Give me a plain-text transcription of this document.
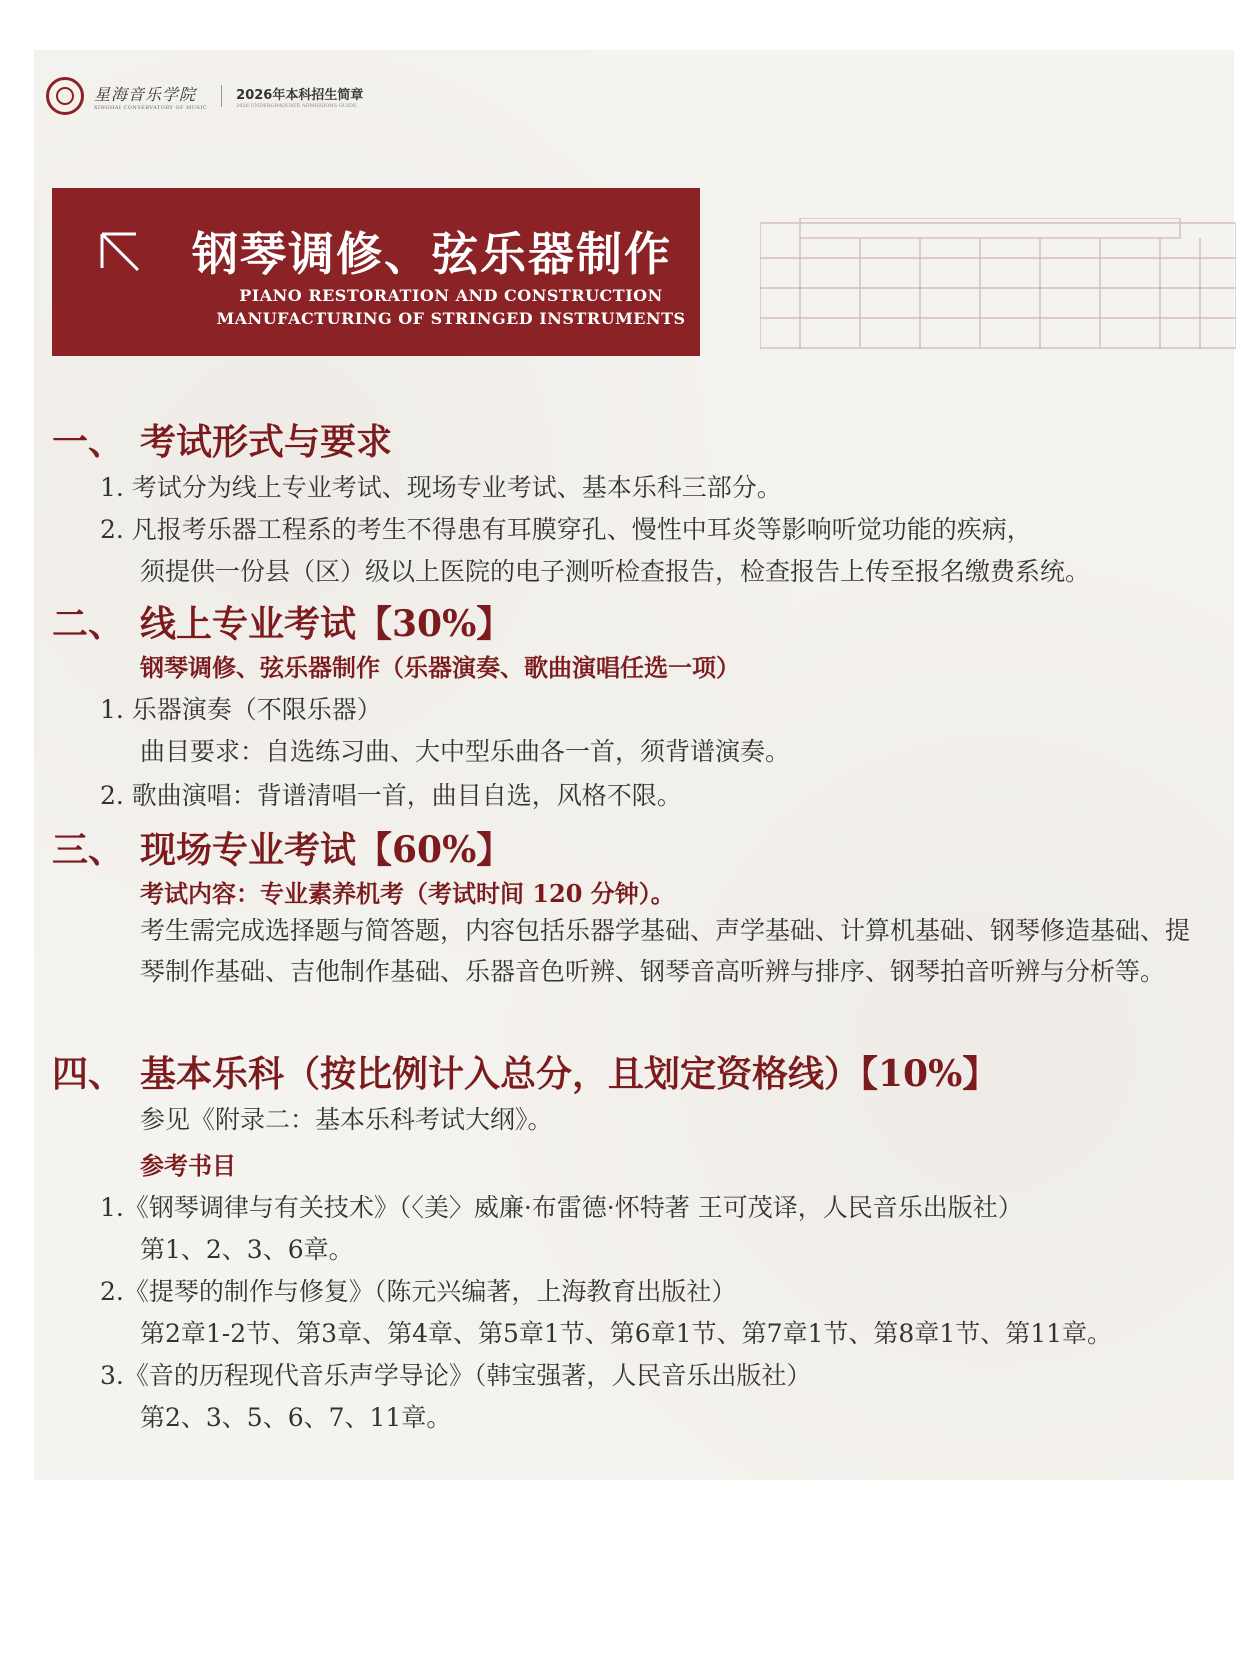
星海音乐学院
XINGHAI CONSERVATORY OF MUSIC
2026年本科招生简章
2026 UNDERGRADUATE ADMISSIONS GUIDE
钢琴调修、弦乐器制作
PIANO RESTORATION AND CONSTRUCTION
MANUFACTURING OF STRINGED INSTRUMENTS
一、 考试形式与要求
1. 考试分为线上专业考试、现场专业考试、基本乐科三部分。
2. 凡报考乐器工程系的考生不得患有耳膜穿孔、慢性中耳炎等影响听觉功能的疾病，
须提供一份县（区）级以上医院的电子测听检查报告，检查报告上传至报名缴费系统。
二、 线上专业考试【30%】
钢琴调修、弦乐器制作（乐器演奏、歌曲演唱任选一项）
1. 乐器演奏（不限乐器）
曲目要求：自选练习曲、大中型乐曲各一首，须背谱演奏。
2. 歌曲演唱：背谱清唱一首，曲目自选，风格不限。
三、 现场专业考试【60%】
考试内容：专业素养机考（考试时间 120 分钟）。
考生需完成选择题与简答题，内容包括乐器学基础、声学基础、计算机基础、钢琴修造基础、提琴制作基础、吉他制作基础、乐器音色听辨、钢琴音高听辨与排序、钢琴拍音听辨与分析等。
四、 基本乐科（按比例计入总分，且划定资格线）【10%】
参见《附录二：基本乐科考试大纲》。
参考书目
1.《钢琴调律与有关技术》（〈美〉威廉·布雷德·怀特著 王可茂译，人民音乐出版社）
第1、2、3、6章。
2.《提琴的制作与修复》（陈元兴编著，上海教育出版社）
第2章1-2节、第3章、第4章、第5章1节、第6章1节、第7章1节、第8章1节、第11章。
3.《音的历程现代音乐声学导论》（韩宝强著，人民音乐出版社）
第2、3、5、6、7、11章。
